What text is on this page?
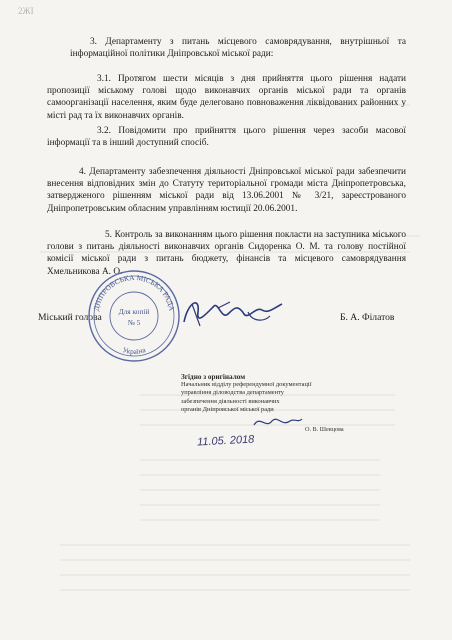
2ЖІ

3. Департаменту з питань місцевого самоврядування, внутрішньої та інформаційної політики Дніпровської міської ради:

3.1. Протягом шести місяців з дня прийняття цього рішення надати пропозиції міському голові щодо виконавчих органів міської ради та органів самоорганізації населення, яким буде делеговано повноваження ліквідованих районних у місті рад та їх виконавчих органів.

3.2. Повідомити про прийняття цього рішення через засоби масової інформації та в інший доступний спосіб.

4. Департаменту забезпечення діяльності Дніпровської міської ради забезпечити внесення відповідних змін до Статуту територіальної громади міста Дніпропетровська, затвердженого рішенням міської ради від 13.06.2001 № 3/21, зареєстрованого Дніпропетровським обласним управлінням юстиції 20.06.2001.

5. Контроль за виконанням цього рішення покласти на заступника міського голови з питань діяльності виконавчих органів Сидоренка О. М. та голову постійної комісії міської ради з питань бюджету, фінансів та місцевого самоврядування Хмельникова А. О.

Міський голова	Б. А. Філатов
ДНІПРОВСЬКА МІСЬКА РАДА
Україна
Для копій
№ 5
Згідно з оригіналом
Начальник відділу референдумної документації
управління діловодства департаменту
забезпечення діяльності виконавчих
органів Дніпровської міської ради
О. В. Шевцова
11.05. 2018
